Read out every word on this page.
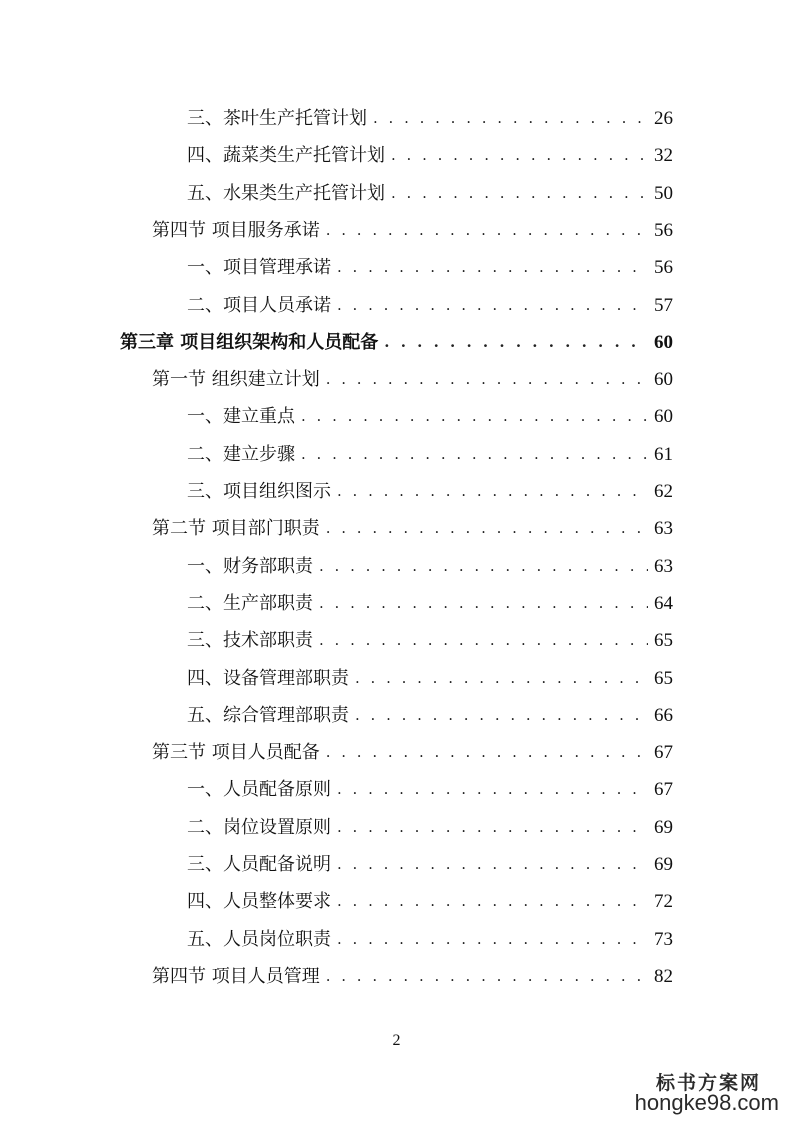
三、茶叶生产托管计划 . . .	26
四、蔬菜类生产托管计划 . . .	32
五、水果类生产托管计划 . . .	50
第四节 项目服务承诺 . . .	56
一、项目管理承诺 . . .	56
二、项目人员承诺 . . .	57
第三章 项目组织架构和人员配备 . . .	60
第一节 组织建立计划 . . .	60
一、建立重点 . . .	60
二、建立步骤 . . .	61
三、项目组织图示 . . .	62
第二节 项目部门职责 . . .	63
一、财务部职责 . . .	63
二、生产部职责 . . .	64
三、技术部职责 . . .	65
四、设备管理部职责 . . .	65
五、综合管理部职责 . . .	66
第三节 项目人员配备 . . .	67
一、人员配备原则 . . .	67
二、岗位设置原则 . . .	69
三、人员配备说明 . . .	69
四、人员整体要求 . . .	72
五、人员岗位职责 . . .	73
第四节 项目人员管理 . . .	82
2
标书方案网
hongke98.com
